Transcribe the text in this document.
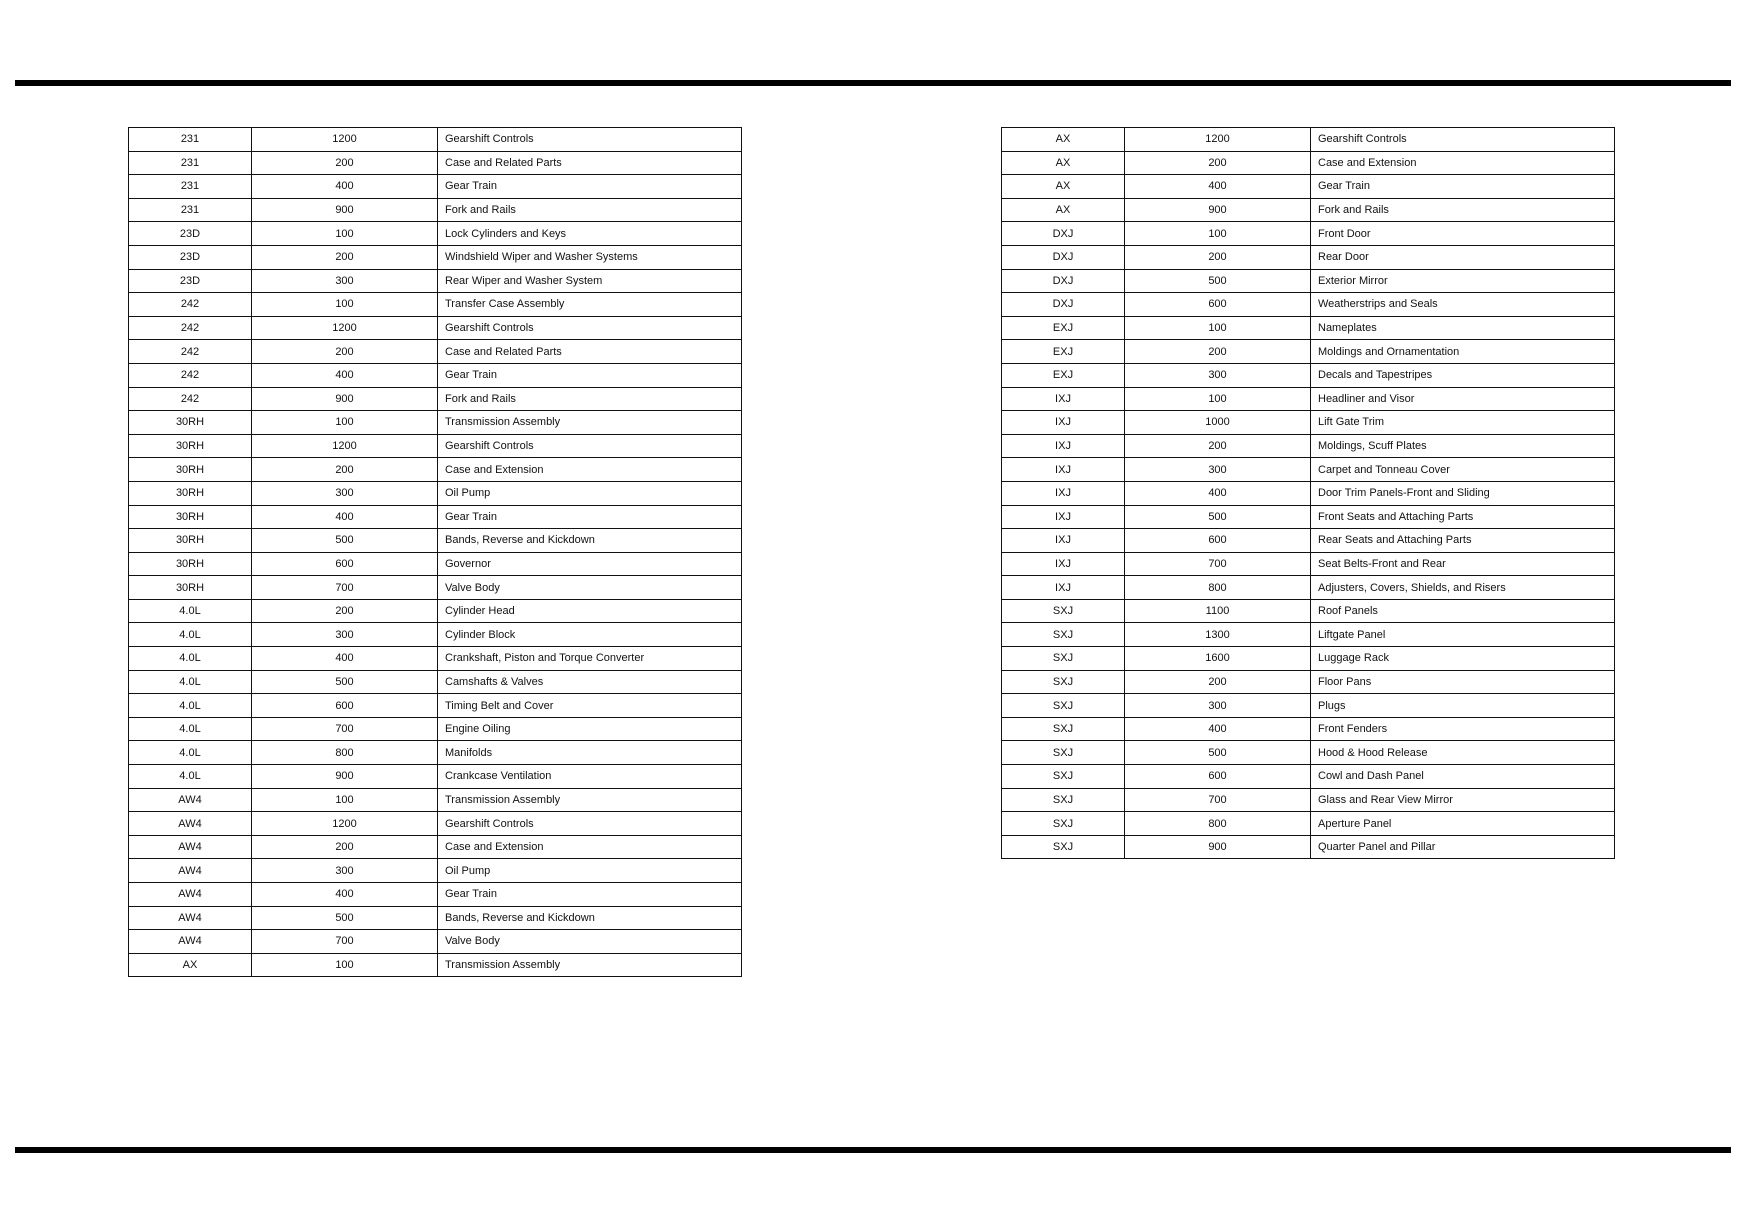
231	1200	Gearshift Controls
231	200	Case and Related Parts
231	400	Gear Train
231	900	Fork and Rails
23D	100	Lock Cylinders and Keys
23D	200	Windshield Wiper and Washer Systems
23D	300	Rear Wiper and Washer System
242	100	Transfer Case Assembly
242	1200	Gearshift Controls
242	200	Case and Related Parts
242	400	Gear Train
242	900	Fork and Rails
30RH	100	Transmission Assembly
30RH	1200	Gearshift Controls
30RH	200	Case and Extension
30RH	300	Oil Pump
30RH	400	Gear Train
30RH	500	Bands, Reverse and Kickdown
30RH	600	Governor
30RH	700	Valve Body
4.0L	200	Cylinder Head
4.0L	300	Cylinder Block
4.0L	400	Crankshaft, Piston and Torque Converter
4.0L	500	Camshafts & Valves
4.0L	600	Timing Belt and Cover
4.0L	700	Engine Oiling
4.0L	800	Manifolds
4.0L	900	Crankcase Ventilation
AW4	100	Transmission Assembly
AW4	1200	Gearshift Controls
AW4	200	Case and Extension
AW4	300	Oil Pump
AW4	400	Gear Train
AW4	500	Bands, Reverse and Kickdown
AW4	700	Valve Body
AX	100	Transmission Assembly
AX	1200	Gearshift Controls
AX	200	Case and Extension
AX	400	Gear Train
AX	900	Fork and Rails
DXJ	100	Front Door
DXJ	200	Rear Door
DXJ	500	Exterior Mirror
DXJ	600	Weatherstrips and Seals
EXJ	100	Nameplates
EXJ	200	Moldings and Ornamentation
EXJ	300	Decals and Tapestripes
IXJ	100	Headliner and Visor
IXJ	1000	Lift Gate Trim
IXJ	200	Moldings, Scuff Plates
IXJ	300	Carpet and Tonneau Cover
IXJ	400	Door Trim Panels-Front and Sliding
IXJ	500	Front Seats and Attaching Parts
IXJ	600	Rear Seats and Attaching Parts
IXJ	700	Seat Belts-Front and Rear
IXJ	800	Adjusters, Covers, Shields, and Risers
SXJ	1100	Roof Panels
SXJ	1300	Liftgate Panel
SXJ	1600	Luggage Rack
SXJ	200	Floor Pans
SXJ	300	Plugs
SXJ	400	Front Fenders
SXJ	500	Hood & Hood Release
SXJ	600	Cowl and Dash Panel
SXJ	700	Glass and Rear View Mirror
SXJ	800	Aperture Panel
SXJ	900	Quarter Panel and Pillar
